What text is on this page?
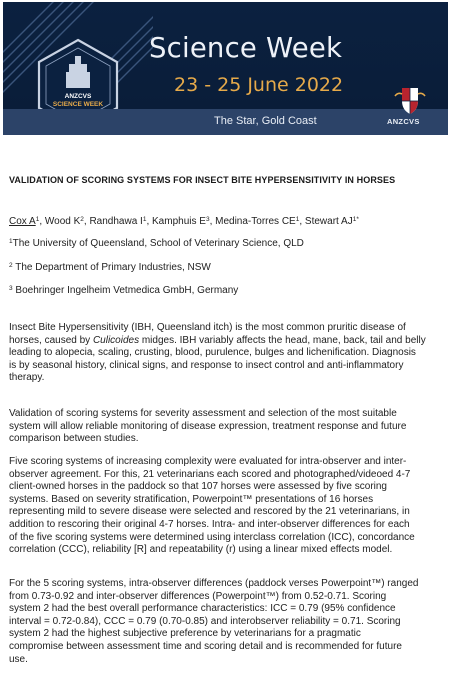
ANZCVS
SCIENCE WEEK
Science Week
23 - 25 June 2022
The Star, Gold Coast	ANZCVS
VALIDATION OF SCORING SYSTEMS FOR INSECT BITE HYPERSENSITIVITY IN HORSES
Cox $A^1$, Wood $K^2$, Randhawa $I^1$, Kamphuis $E^3$, Medina-Torres $CE^1$, Stewart $AJ^{1*}$
$^1$The University of Queensland, School of Veterinary Science, QLD
$^2$ The Department of Primary Industries, NSW
$^3$ Boehringer Ingelheim Vetmedica GmbH, Germany
Insect Bite Hypersensitivity (IBH, Queensland itch) is the most common pruritic disease of
horses, caused by Culicoides midges. IBH variably affects the head, mane, back, tail and belly
leading to alopecia, scaling, crusting, blood, purulence, bulges and lichenification. Diagnosis
is by seasonal history, clinical signs, and response to insect control and anti-inflammatory
therapy.
Validation of scoring systems for severity assessment and selection of the most suitable
system will allow reliable monitoring of disease expression, treatment response and future
comparison between studies.
Five scoring systems of increasing complexity were evaluated for intra-observer and inter-
observer agreement. For this, 21 veterinarians each scored and photographed/videoed 4-7
client-owned horses in the paddock so that 107 horses were assessed by five scoring
systems. Based on severity stratification, Powerpoint™ presentations of 16 horses
representing mild to severe disease were selected and rescored by the 21 veterinarians, in
addition to rescoring their original 4-7 horses. Intra- and inter-observer differences for each
of the five scoring systems were determined using interclass correlation (ICC), concordance
correlation (CCC), reliability [R] and repeatability (r) using a linear mixed effects model.
For the 5 scoring systems, intra-observer differences (paddock verses Powerpoint™) ranged
from 0.73-0.92 and inter-observer differences (Powerpoint™) from 0.52-0.71. Scoring
system 2 had the best overall performance characteristics: ICC = 0.79 (95% confidence
interval = 0.72-0.84), CCC = 0.79 (0.70-0.85) and interobserver reliability = 0.71. Scoring
system 2 had the highest subjective preference by veterinarians for a pragmatic
compromise between assessment time and scoring detail and is recommended for future
use.
